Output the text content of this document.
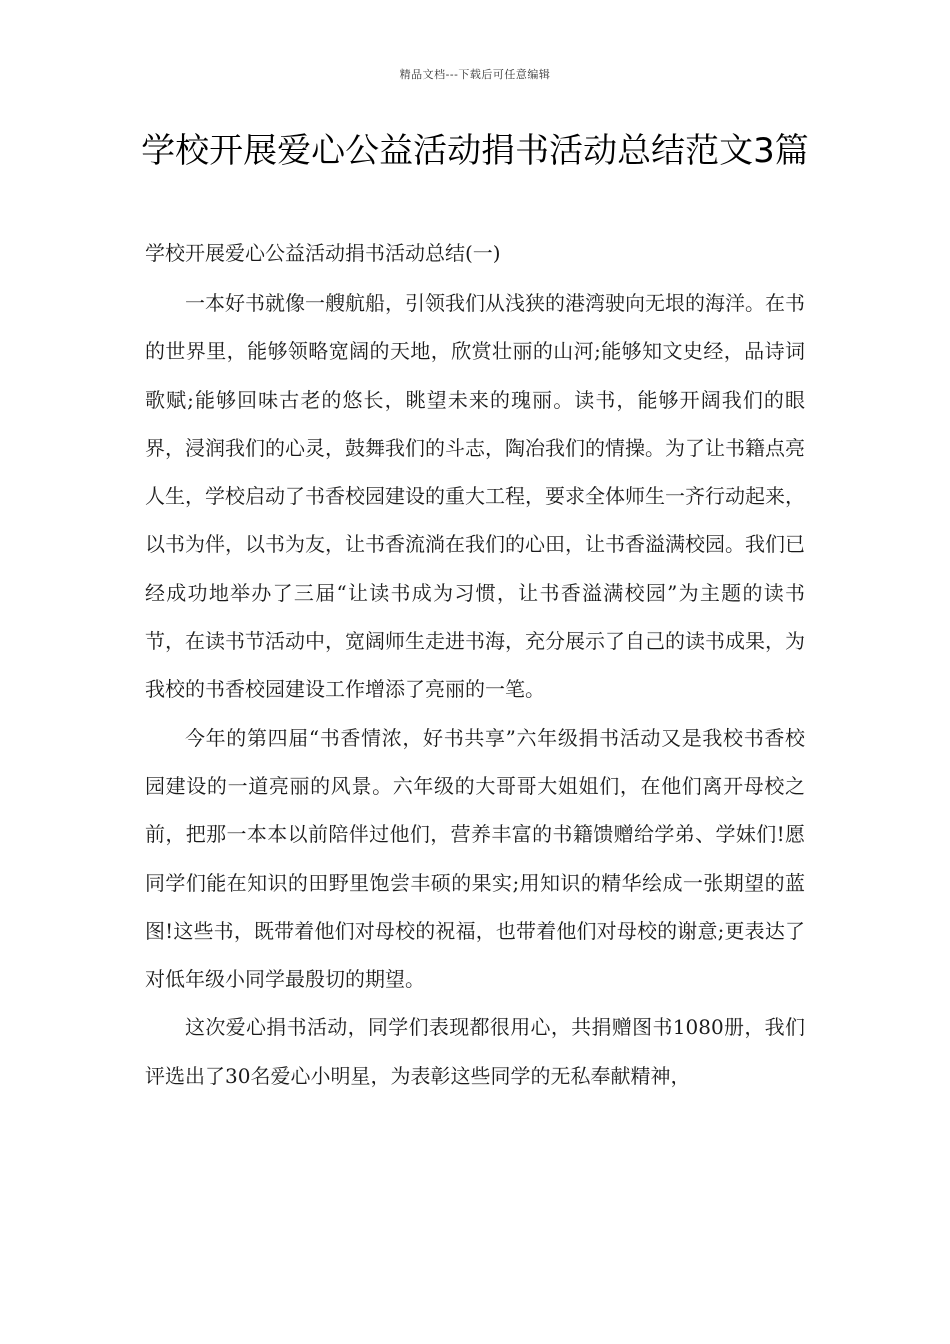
精品文档---下载后可任意编辑
学校开展爱心公益活动捐书活动总结范文3篇

学校开展爱心公益活动捐书活动总结(一)

一本好书就像一艘航船，引领我们从浅狭的港湾驶向无垠的海洋。在书的世界里，能够领略宽阔的天地，欣赏壮丽的山河;能够知文史经，品诗词歌赋;能够回味古老的悠长，眺望未来的瑰丽。读书，能够开阔我们的眼界，浸润我们的心灵，鼓舞我们的斗志，陶冶我们的情操。为了让书籍点亮人生，学校启动了书香校园建设的重大工程，要求全体师生一齐行动起来，以书为伴，以书为友，让书香流淌在我们的心田，让书香溢满校园。我们已经成功地举办了三届“让读书成为习惯，让书香溢满校园”为主题的读书节，在读书节活动中，宽阔师生走进书海，充分展示了自己的读书成果，为我校的书香校园建设工作增添了亮丽的一笔。

今年的第四届“书香情浓，好书共享”六年级捐书活动又是我校书香校园建设的一道亮丽的风景。六年级的大哥哥大姐姐们，在他们离开母校之前，把那一本本以前陪伴过他们，营养丰富的书籍馈赠给学弟、学妹们!愿同学们能在知识的田野里饱尝丰硕的果实;用知识的精华绘成一张期望的蓝图!这些书，既带着他们对母校的祝福，也带着他们对母校的谢意;更表达了对低年级小同学最殷切的期望。

这次爱心捐书活动，同学们表现都很用心，共捐赠图书1080册，我们评选出了30名爱心小明星，为表彰这些同学的无私奉献精神，
